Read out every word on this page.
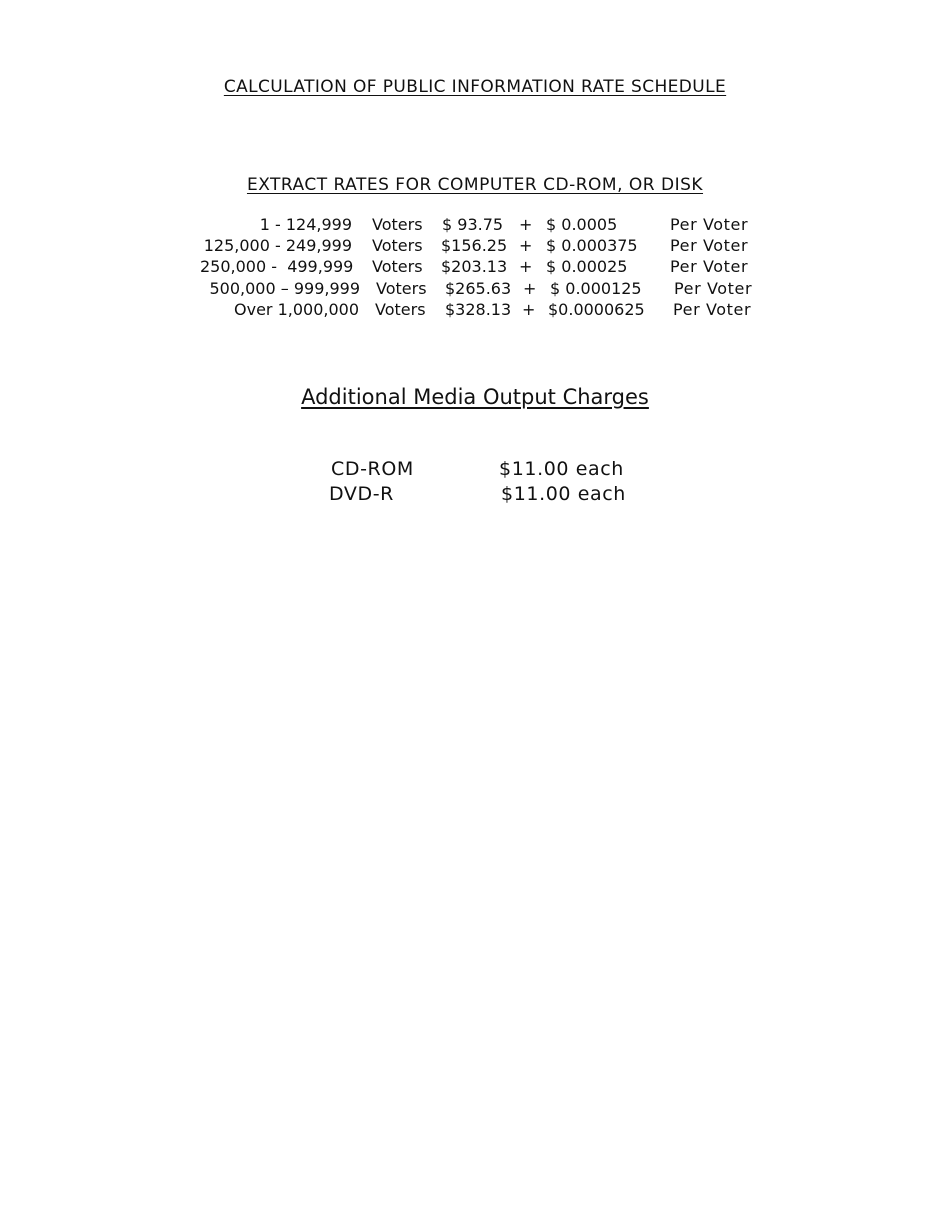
CALCULATION OF PUBLIC INFORMATION RATE SCHEDULE
EXTRACT RATES FOR COMPUTER CD-ROM, OR DISK
1 - 124,999 Voters $ 93.75 + $ 0.0005	Per Voter
125,000 - 249,999 Voters $156.25 + $ 0.000375 Per Voter
250,000 -  499,999 Voters $203.13 + $ 0.00025	Per Voter
500,000 – 999,999 Voters $265.63 + $ 0.000125 Per Voter
Over 1,000,000 Voters $328.13 + $0.0000625 Per Voter
Additional Media Output Charges
CD-ROM	$11.00 each
DVD-R	$11.00 each
